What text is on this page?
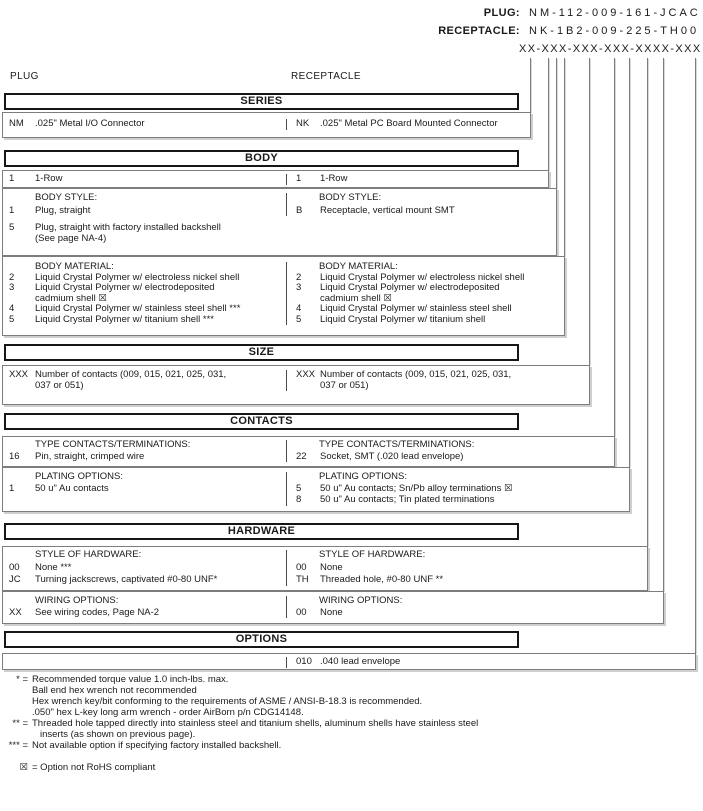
PLUG: NM-112-009-161-JCAC
RECEPTACLE: NK-1B2-009-225-TH00
XX-XXX-XXX-XXX-XXXX-XXX
PLUG	RECEPTACLE
SERIES
NM	.025" Metal I/O Connector	NK	.025" Metal PC Board Mounted Connector
BODY
1	1-Row	1	1-Row
BODY STYLE:
1	Plug, straight
5	Plug, straight with factory installed backshell
(See page NA-4)
BODY STYLE:
B	Receptacle, vertical mount SMT
BODY MATERIAL:
2	Liquid Crystal Polymer w/ electroless nickel shell
3	Liquid Crystal Polymer w/ electrodeposited
cadmium shell ☒
4	Liquid Crystal Polymer w/ stainless steel shell ***
5	Liquid Crystal Polymer w/ titanium shell ***
BODY MATERIAL:
2	Liquid Crystal Polymer w/ electroless nickel shell
3	Liquid Crystal Polymer w/ electrodeposited
cadmium shell ☒
4	Liquid Crystal Polymer w/ stainless steel shell
5	Liquid Crystal Polymer w/ titanium shell
SIZE
XXX Number of contacts (009, 015, 021, 025, 031,
037 or 051)
XXX Number of contacts (009, 015, 021, 025, 031,
037 or 051)
CONTACTS
TYPE CONTACTS/TERMINATIONS:
16	Pin, straight, crimped wire
TYPE CONTACTS/TERMINATIONS:
22	Socket, SMT (.020 lead envelope)
PLATING OPTIONS:
1	50 u" Au contacts
PLATING OPTIONS:
5	50 u" Au contacts; Sn/Pb alloy terminations ☒
8	50 u" Au contacts; Tin plated terminations
HARDWARE
STYLE OF HARDWARE:
00	None ***
JC	Turning jackscrews, captivated #0-80 UNF*
STYLE OF HARDWARE:
00	None
TH	Threaded hole, #0-80 UNF **
WIRING OPTIONS:
XX	See wiring codes, Page NA-2
WIRING OPTIONS:
00	None
OPTIONS
010 .040 lead envelope
* = Recommended torque value 1.0 inch-lbs. max.
Ball end hex wrench not recommended
Hex wrench key/bit conforming to the requirements of ASME / ANSI-B-18.3 is recommended.
.050" hex L-key long arm wrench - order AirBorn p/n CDG14148.
** = Threaded hole tapped directly into stainless steel and titanium shells, aluminum shells have stainless steel
inserts (as shown on previous page).
*** = Not available option if specifying factory installed backshell.
☒ = Option not RoHS compliant
